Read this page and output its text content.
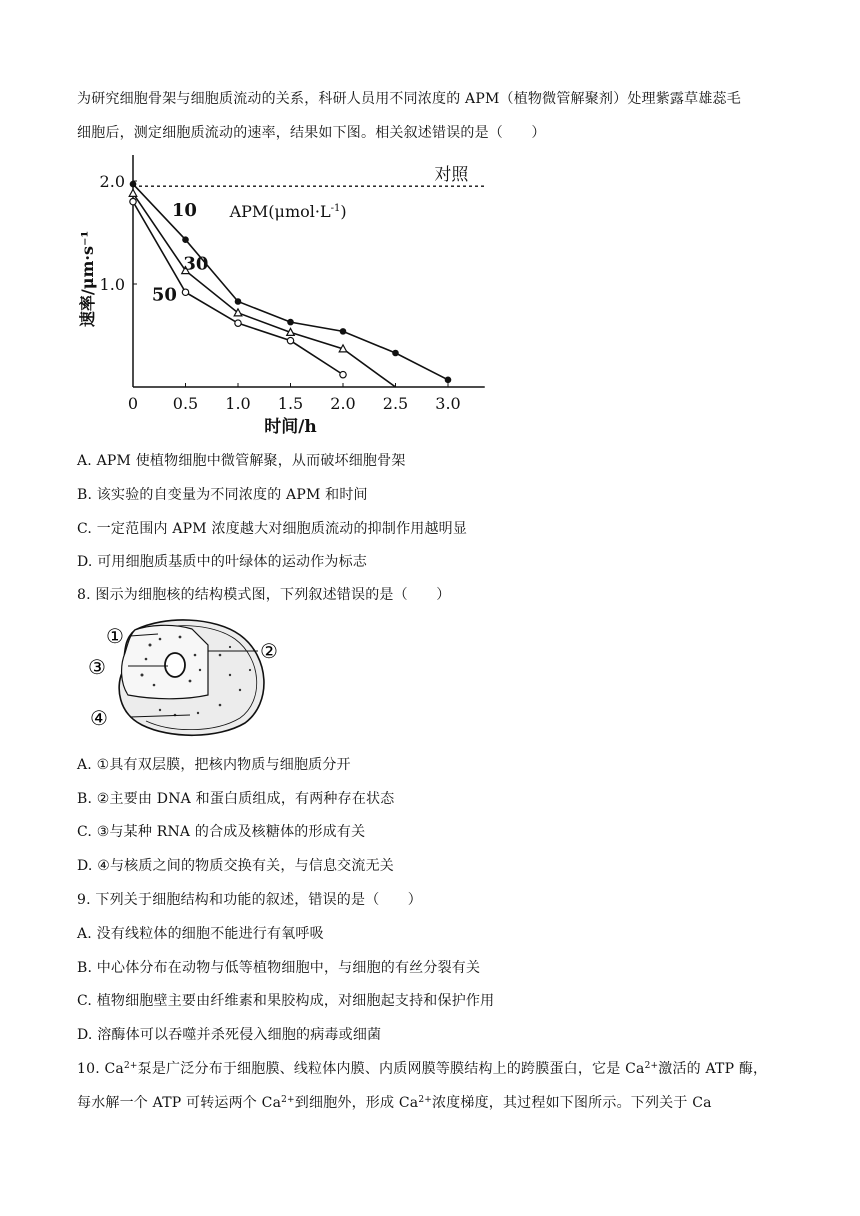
为研究细胞骨架与细胞质流动的关系，科研人员用不同浓度的 APM（植物微管解聚剂）处理紫露草雄蕊毛
细胞后，测定细胞质流动的速率，结果如下图。相关叙述错误的是（　　）
0 0.5 1.0 1.5 2.0 2.5 3.0
1.0
2.0	对照
10
30
50
$APM(\mu mol\cdot L^{-1})$
时间/h
速率/μm·s⁻¹
A. APM 使植物细胞中微管解聚，从而破坏细胞骨架
B. 该实验的自变量为不同浓度的 APM 和时间
C. 一定范围内 APM 浓度越大对细胞质流动的抑制作用越明显
D. 可用细胞质基质中的叶绿体的运动作为标志
8. 图示为细胞核的结构模式图，下列叙述错误的是（　　）
①
②
③
④
A. ①具有双层膜，把核内物质与细胞质分开
B. ②主要由 DNA 和蛋白质组成，有两种存在状态
C. ③与某种 RNA 的合成及核糖体的形成有关
D. ④与核质之间的物质交换有关，与信息交流无关
9. 下列关于细胞结构和功能的叙述，错误的是（　　）
A. 没有线粒体的细胞不能进行有氧呼吸
B. 中心体分布在动物与低等植物细胞中，与细胞的有丝分裂有关
C. 植物细胞壁主要由纤维素和果胶构成，对细胞起支持和保护作用
D. 溶酶体可以吞噬并杀死侵入细胞的病毒或细菌
10. $Ca^{2+}$泵是广泛分布于细胞膜、线粒体内膜、内质网膜等膜结构上的跨膜蛋白，它是 $Ca^{2+}$激活的 ATP 酶，
每水解一个 ATP 可转运两个 $Ca^{2+}$到细胞外，形成 $Ca^{2+}$浓度梯度，其过程如下图所示。下列关于 Ca
